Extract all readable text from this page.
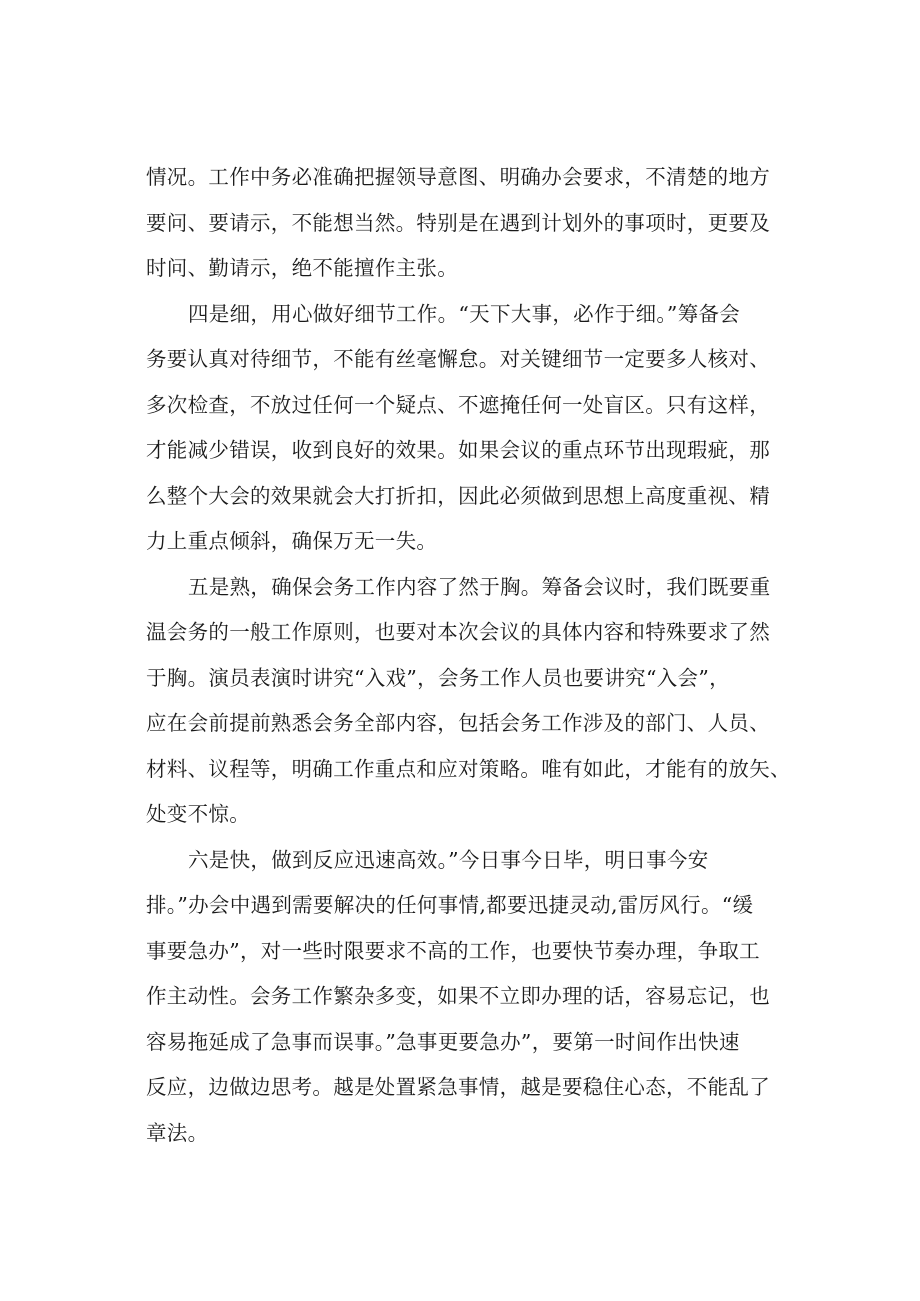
情况。工作中务必准确把握领导意图、明确办会要求，不清楚的地方
要问、要请示，不能想当然。特别是在遇到计划外的事项时，更要及
时问、勤请示，绝不能擅作主张。
四是细，用心做好细节工作。“天下大事，必作于细。”筹备会
务要认真对待细节，不能有丝毫懈怠。对关键细节一定要多人核对、
多次检查，不放过任何一个疑点、不遮掩任何一处盲区。只有这样，
才能减少错误，收到良好的效果。如果会议的重点环节出现瑕疵，那
么整个大会的效果就会大打折扣，因此必须做到思想上高度重视、精
力上重点倾斜，确保万无一失。
五是熟，确保会务工作内容了然于胸。筹备会议时，我们既要重
温会务的一般工作原则，也要对本次会议的具体内容和特殊要求了然
于胸。演员表演时讲究“入戏”，会务工作人员也要讲究“入会”，
应在会前提前熟悉会务全部内容，包括会务工作涉及的部门、人员、
材料、议程等，明确工作重点和应对策略。唯有如此，才能有的放矢、
处变不惊。
六是快，做到反应迅速高效。”今日事今日毕，明日事今安
排。”办会中遇到需要解决的任何事情,都要迅捷灵动,雷厉风行。“缓
事要急办”，对一些时限要求不高的工作，也要快节奏办理，争取工
作主动性。会务工作繁杂多变，如果不立即办理的话，容易忘记，也
容易拖延成了急事而误事。”急事更要急办”，要第一时间作出快速
反应，边做边思考。越是处置紧急事情，越是要稳住心态，不能乱了
章法。
